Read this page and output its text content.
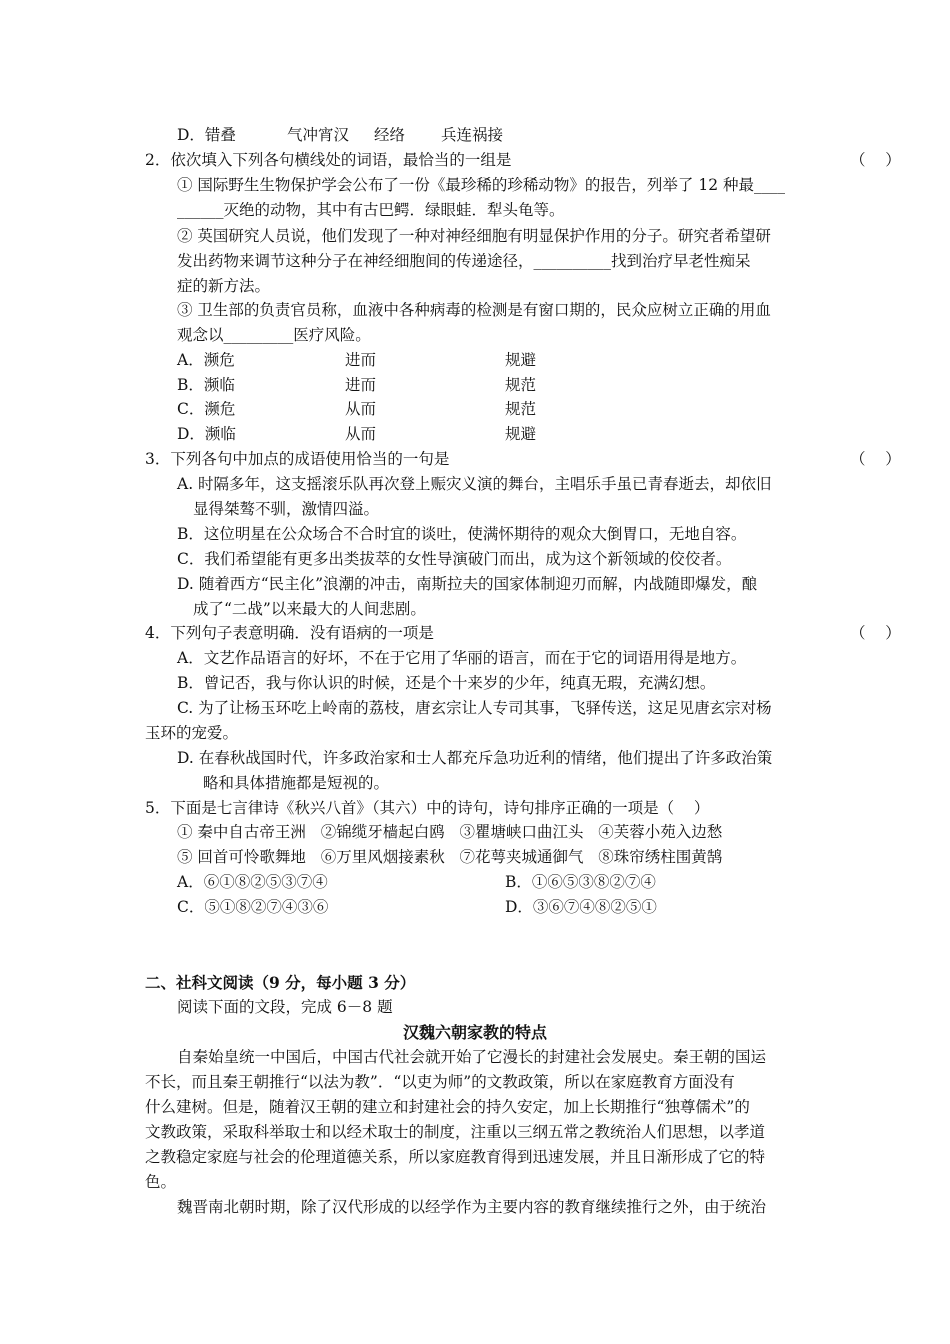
D．错叠	气冲宵汉 经络 兵连祸接
2．依次填入下列各句横线处的词语，最恰当的一组是	（    ）
① 国际野生生物保护学会公布了一份《最珍稀的珍稀动物》的报告，列举了 12 种最____
______灭绝的动物，其中有古巴鳄．绿眼蛙．犁头龟等。
② 英国研究人员说，他们发现了一种对神经细胞有明显保护作用的分子。研究者希望研
发出药物来调节这种分子在神经细胞间的传递途径，__________找到治疗早老性痴呆
症的新方法。
③ 卫生部的负责官员称，血液中各种病毒的检测是有窗口期的，民众应树立正确的用血
观念以_________医疗风险。
A．濒危	进而	规避
B．濒临	进而	规范
C．濒危	从而	规范
D．濒临	从而	规避
3．下列各句中加点的成语使用恰当的一句是	（    ）
A. 时隔多年，这支摇滚乐队再次登上赈灾义演的舞台，主唱乐手虽已青春逝去，却依旧
显得桀骜不驯，激情四溢。
B．这位明星在公众场合不合时宜的谈吐，使满怀期待的观众大倒胃口，无地自容。
C．我们希望能有更多出类拔萃的女性导演破门而出，成为这个新领域的佼佼者。
D. 随着西方“民主化”浪潮的冲击，南斯拉夫的国家体制迎刃而解，内战随即爆发，酿
成了“二战”以来最大的人间悲剧。
4．下列句子表意明确．没有语病的一项是	（    ）
A．文艺作品语言的好坏，不在于它用了华丽的语言，而在于它的词语用得是地方。
B．曾记否，我与你认识的时候，还是个十来岁的少年，纯真无瑕，充满幻想。
C. 为了让杨玉环吃上岭南的荔枝，唐玄宗让人专司其事，飞驿传送，这足见唐玄宗对杨
玉环的宠爱。
D. 在春秋战国时代，许多政治家和士人都充斥急功近利的情绪，他们提出了许多政治策
略和具体措施都是短视的。
5．下面是七言律诗《秋兴八首》（其六）中的诗句，诗句排序正确的一项是（    ）
① 秦中自古帝王洲   ②锦缆牙樯起白鸥   ③瞿塘峡口曲江头   ④芙蓉小苑入边愁
⑤ 回首可怜歌舞地   ⑥万里风烟接素秋   ⑦花萼夹城通御气   ⑧珠帘绣柱围黄鹄
A．⑥①⑧②⑤③⑦④	B．①⑥⑤③⑧②⑦④
C．⑤①⑧②⑦④③⑥	D．③⑥⑦④⑧②⑤①
二、社科文阅读（9 分，每小题 3 分）
阅读下面的文段，完成 6－8 题
汉魏六朝家教的特点
自秦始皇统一中国后，中国古代社会就开始了它漫长的封建社会发展史。秦王朝的国运
不长，而且秦王朝推行“以法为教”．“以吏为师”的文教政策，所以在家庭教育方面没有
什么建树。但是，随着汉王朝的建立和封建社会的持久安定，加上长期推行“独尊儒术”的
文教政策，采取科举取士和以经术取士的制度，注重以三纲五常之教统治人们思想，以孝道
之教稳定家庭与社会的伦理道德关系，所以家庭教育得到迅速发展，并且日渐形成了它的特
色。
魏晋南北朝时期，除了汉代形成的以经学作为主要内容的教育继续推行之外，由于统治
